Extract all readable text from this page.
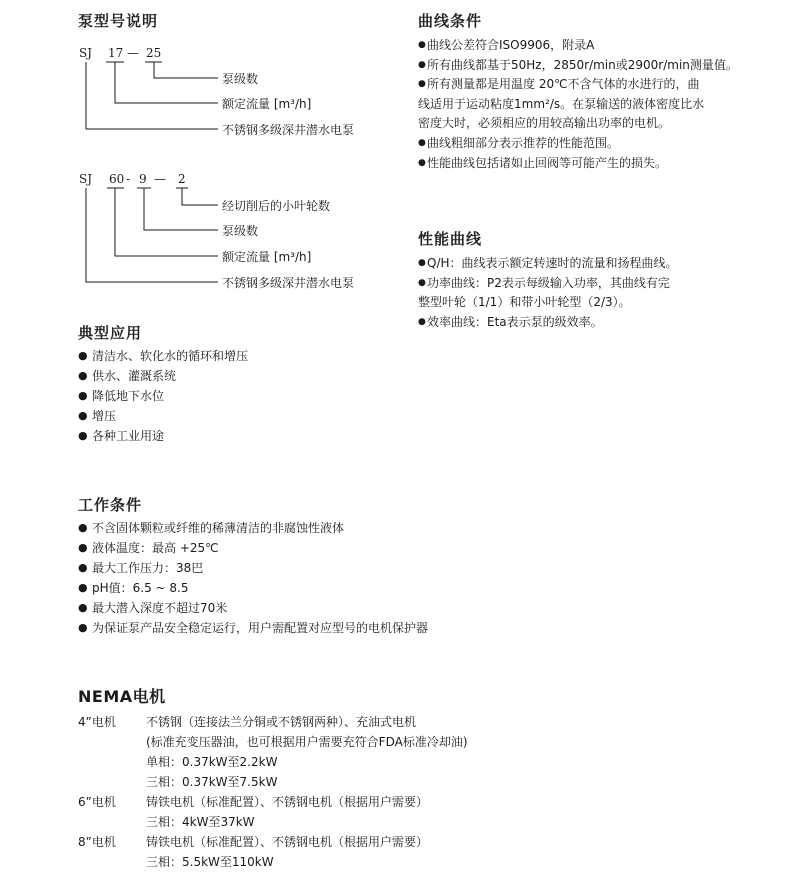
泵型号说明
SJ 17 — 25
泵级数
额定流量 [m³/h]
不锈钢多级深井潜水电泵
SJ 60 - 9 — 2
经切削后的小叶轮数
泵级数
额定流量 [m³/h]
不锈钢多级深井潜水电泵
典型应用
● 清洁水、软化水的循环和增压
● 供水、灌溉系统
● 降低地下水位
● 增压
● 各种工业用途
工作条件
● 不含固体颗粒或纤维的稀薄清洁的非腐蚀性液体
● 液体温度：最高 +25℃
● 最大工作压力：38巴
● pH值：6.5 ~ 8.5
● 最大潜入深度不超过70米
● 为保证泵产品安全稳定运行，用户需配置对应型号的电机保护器
NEMA电机
4”电机	不锈钢（连接法兰分铜或不锈钢两种）、充油式电机
(标准充变压器油，也可根据用户需要充符合FDA标准冷却油)
单相：0.37kW至2.2kW
三相：0.37kW至7.5kW
6”电机	铸铁电机（标准配置）、不锈钢电机（根据用户需要）
三相：4kW至37kW
8”电机	铸铁电机（标准配置）、不锈钢电机（根据用户需要）
三相：5.5kW至110kW
曲线条件
● 曲线公差符合ISO9906，附录A
● 所有曲线都基于50Hz，2850r/min或2900r/min测量值。
● 所有测量都是用温度 20℃不含气体的水进行的，曲
线适用于运动粘度1mm²/s。在泵输送的液体密度比水
密度大时，必须相应的用较高输出功率的电机。
● 曲线粗细部分表示推荐的性能范围。
● 性能曲线包括诸如止回阀等可能产生的损失。
性能曲线
● Q/H：曲线表示额定转速时的流量和扬程曲线。
● 功率曲线：P2表示每级输入功率，其曲线有完
整型叶轮（1/1）和带小叶轮型（2/3）。
● 效率曲线：Eta表示泵的级效率。
